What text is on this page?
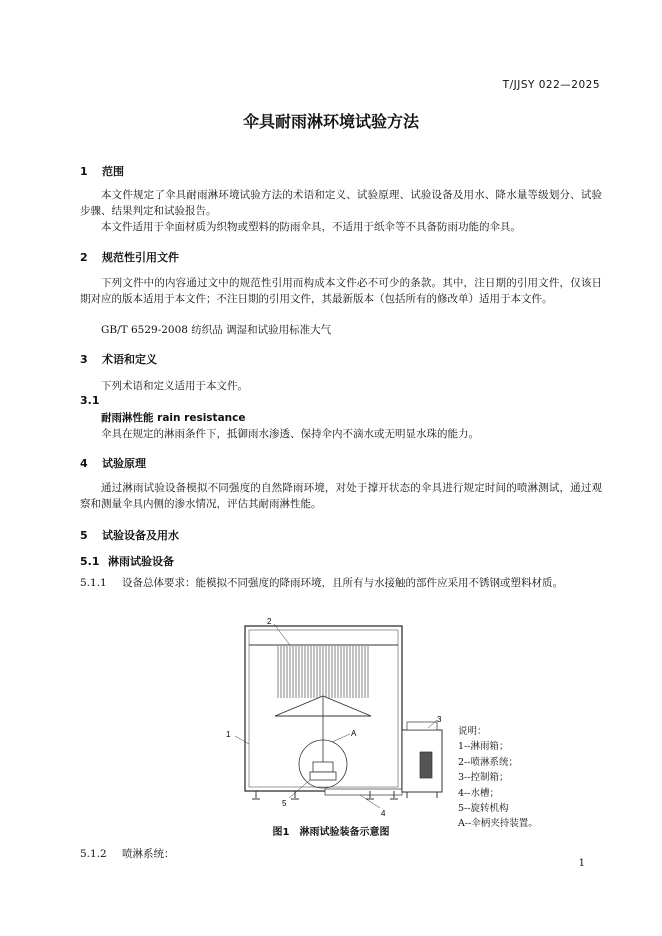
T/JJSY 022—2025
伞具耐雨淋环境试验方法
1 范围
本文件规定了伞具耐雨淋环境试验方法的术语和定义、试验原理、试验设备及用水、降水量等级划分、试验步骤、结果判定和试验报告。
本文件适用于伞面材质为织物或塑料的防雨伞具，不适用于纸伞等不具备防雨功能的伞具。
2 规范性引用文件
下列文件中的内容通过文中的规范性引用而构成本文件必不可少的条款。其中，注日期的引用文件，仅该日期对应的版本适用于本文件；不注日期的引用文件，其最新版本（包括所有的修改单）适用于本文件。
GB/T 6529-2008 纺织品 调湿和试验用标准大气
3 术语和定义
下列术语和定义适用于本文件。
3.1
耐雨淋性能 rain resistance
伞具在规定的淋雨条件下，抵御雨水渗透、保持伞内不滴水或无明显水珠的能力。
4 试验原理
通过淋雨试验设备模拟不同强度的自然降雨环境，对处于撑开状态的伞具进行规定时间的喷淋测试，通过观察和测量伞具内侧的渗水情况，评估其耐雨淋性能。
5 试验设备及用水
5.1 淋雨试验设备
5.1.1 设备总体要求：能模拟不同强度的降雨环境，且所有与水接触的部件应采用不锈钢或塑料材质。
2
1
3
A
5
4
说明：
1--淋雨箱；
2--喷淋系统；
3--控制箱；
4--水槽；
5--旋转机构
A--伞柄夹持装置。
图1　淋雨试验装备示意图
5.1.2 喷淋系统：
1
